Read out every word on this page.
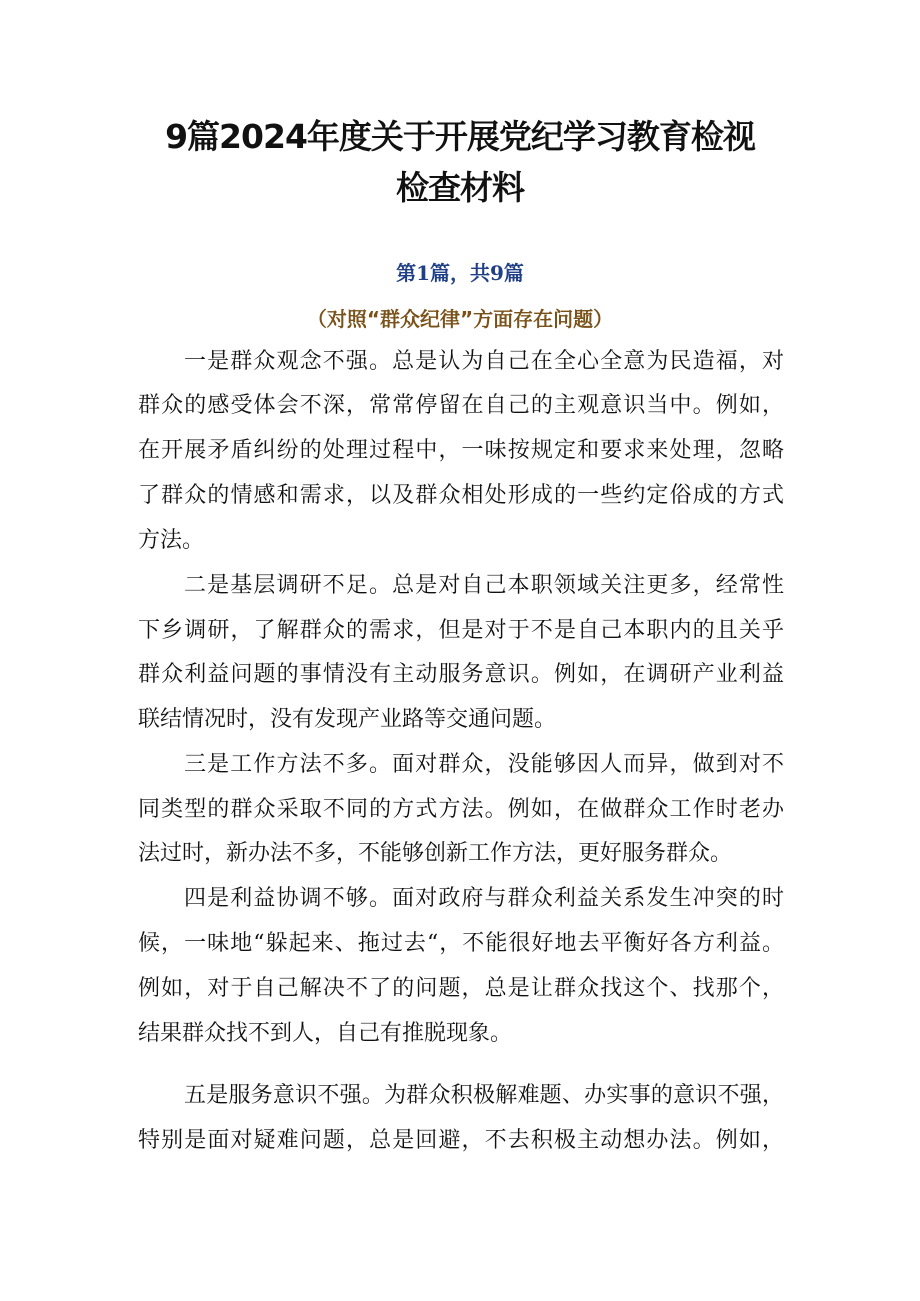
9篇2024年度关于开展党纪学习教育检视
检查材料
第1篇，共9篇
（对照“群众纪律”方面存在问题）
一是群众观念不强。总是认为自己在全心全意为民造福，对
群众的感受体会不深，常常停留在自己的主观意识当中。例如，
在开展矛盾纠纷的处理过程中，一味按规定和要求来处理，忽略
了群众的情感和需求，以及群众相处形成的一些约定俗成的方式
方法。
二是基层调研不足。总是对自己本职领域关注更多，经常性
下乡调研，了解群众的需求，但是对于不是自己本职内的且关乎
群众利益问题的事情没有主动服务意识。例如，在调研产业利益
联结情况时，没有发现产业路等交通问题。
三是工作方法不多。面对群众，没能够因人而异，做到对不
同类型的群众采取不同的方式方法。例如，在做群众工作时老办
法过时，新办法不多，不能够创新工作方法，更好服务群众。
四是利益协调不够。面对政府与群众利益关系发生冲突的时
候，一味地“躲起来、拖过去“，不能很好地去平衡好各方利益。
例如，对于自己解决不了的问题，总是让群众找这个、找那个，
结果群众找不到人，自己有推脱现象。
五是服务意识不强。为群众积极解难题、办实事的意识不强，
特别是面对疑难问题，总是回避，不去积极主动想办法。例如，
